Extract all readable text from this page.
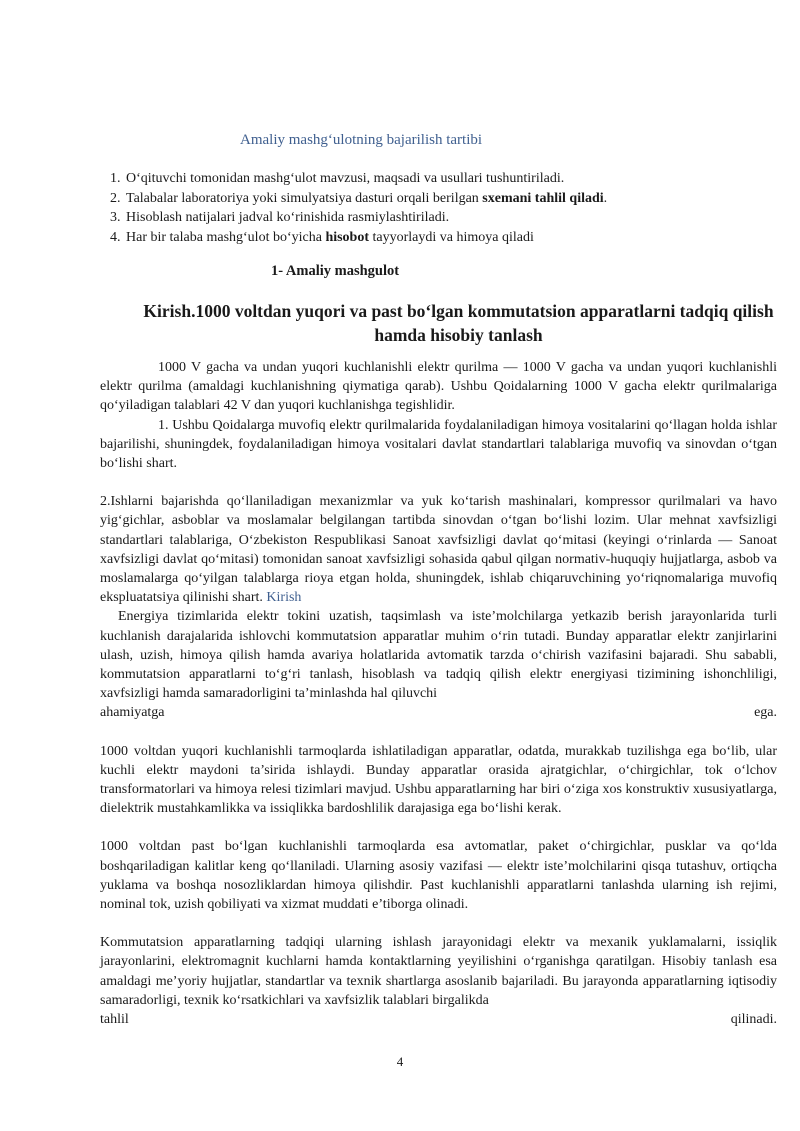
Amaliy mashg‘ulotning bajarilish tartibi
1. O‘qituvchi tomonidan mashg‘ulot mavzusi, maqsadi va usullari tushuntiriladi.
2. Talabalar laboratoriya yoki simulyatsiya dasturi orqali berilgan sxemani tahlil qiladi.
3. Hisoblash natijalari jadval ko‘rinishida rasmiylashtiriladi.
4. Har bir talaba mashg‘ulot bo‘yicha hisobot tayyorlaydi va himoya qiladi
1- Amaliy mashgulot
Kirish.1000 voltdan yuqori va past bo‘lgan kommutatsion apparatlarni tadqiq qilish hamda hisobiy tanlash

1000 V gacha va undan yuqori kuchlanishli elektr qurilma — 1000 V gacha va undan yuqori kuchlanishli elektr qurilma (amaldagi kuchlanishning qiymatiga qarab). Ushbu Qoidalarning 1000 V gacha elektr qurilmalariga qo‘yiladigan talablari 42 V dan yuqori kuchlanishga tegishlidir.

1. Ushbu Qoidalarga muvofiq elektr qurilmalarida foydalaniladigan himoya vositalarini qo‘llagan holda ishlar bajarilishi, shuningdek, foydalaniladigan himoya vositalari davlat standartlari talablariga muvofiq va sinovdan o‘tgan bo‘lishi shart.

2.Ishlarni bajarishda qo‘llaniladigan mexanizmlar va yuk ko‘tarish mashinalari, kompressor qurilmalari va havo yig‘gichlar, asboblar va moslamalar belgilangan tartibda sinovdan o‘tgan bo‘lishi lozim. Ular mehnat xavfsizligi standartlari talablariga, O‘zbekiston Respublikasi Sanoat xavfsizligi davlat qo‘mitasi (keyingi o‘rinlarda — Sanoat xavfsizligi davlat qo‘mitasi) tomonidan sanoat xavfsizligi sohasida qabul qilgan normativ-huquqiy hujjatlarga, asbob va moslamalarga qo‘yilgan talablarga rioya etgan holda, shuningdek, ishlab chiqaruvchining yo‘riqnomalariga muvofiq ekspluatatsiya qilinishi shart. Kirish

Energiya tizimlarida elektr tokini uzatish, taqsimlash va iste’molchilarga yetkazib berish jarayonlarida turli kuchlanish darajalarida ishlovchi kommutatsion apparatlar muhim o‘rin tutadi. Bunday apparatlar elektr zanjirlarini ulash, uzish, himoya qilish hamda avariya holatlarida avtomatik tarzda o‘chirish vazifasini bajaradi. Shu sababli, kommutatsion apparatlarni to‘g‘ri tanlash, hisoblash va tadqiq qilish elektr energiyasi tizimining ishonchliligi, xavfsizligi hamda samaradorligini ta’minlashda hal qiluvchi

ahamiyatga	ega.

1000 voltdan yuqori kuchlanishli tarmoqlarda ishlatiladigan apparatlar, odatda, murakkab tuzilishga ega bo‘lib, ular kuchli elektr maydoni ta’sirida ishlaydi. Bunday apparatlar orasida ajratgichlar, o‘chirgichlar, tok o‘lchov transformatorlari va himoya relesi tizimlari mavjud. Ushbu apparatlarning har biri o‘ziga xos konstruktiv xususiyatlarga, dielektrik mustahkamlikka va issiqlikka bardoshlilik darajasiga ega bo‘lishi kerak.

1000 voltdan past bo‘lgan kuchlanishli tarmoqlarda esa avtomatlar, paket o‘chirgichlar, pusklar va qo‘lda boshqariladigan kalitlar keng qo‘llaniladi. Ularning asosiy vazifasi — elektr iste’molchilarini qisqa tutashuv, ortiqcha yuklama va boshqa nosozliklardan himoya qilishdir. Past kuchlanishli apparatlarni tanlashda ularning ish rejimi, nominal tok, uzish qobiliyati va xizmat muddati e’tiborga olinadi.

Kommutatsion apparatlarning tadqiqi ularning ishlash jarayonidagi elektr va mexanik yuklamalarni, issiqlik jarayonlarini, elektromagnit kuchlarni hamda kontaktlarning yeyilishini o‘rganishga qaratilgan. Hisobiy tanlash esa amaldagi me’yoriy hujjatlar, standartlar va texnik shartlarga asoslanib bajariladi. Bu jarayonda apparatlarning iqtisodiy samaradorligi, texnik ko‘rsatkichlari va xavfsizlik talablari birgalikda

tahlil	qilinadi.

4
